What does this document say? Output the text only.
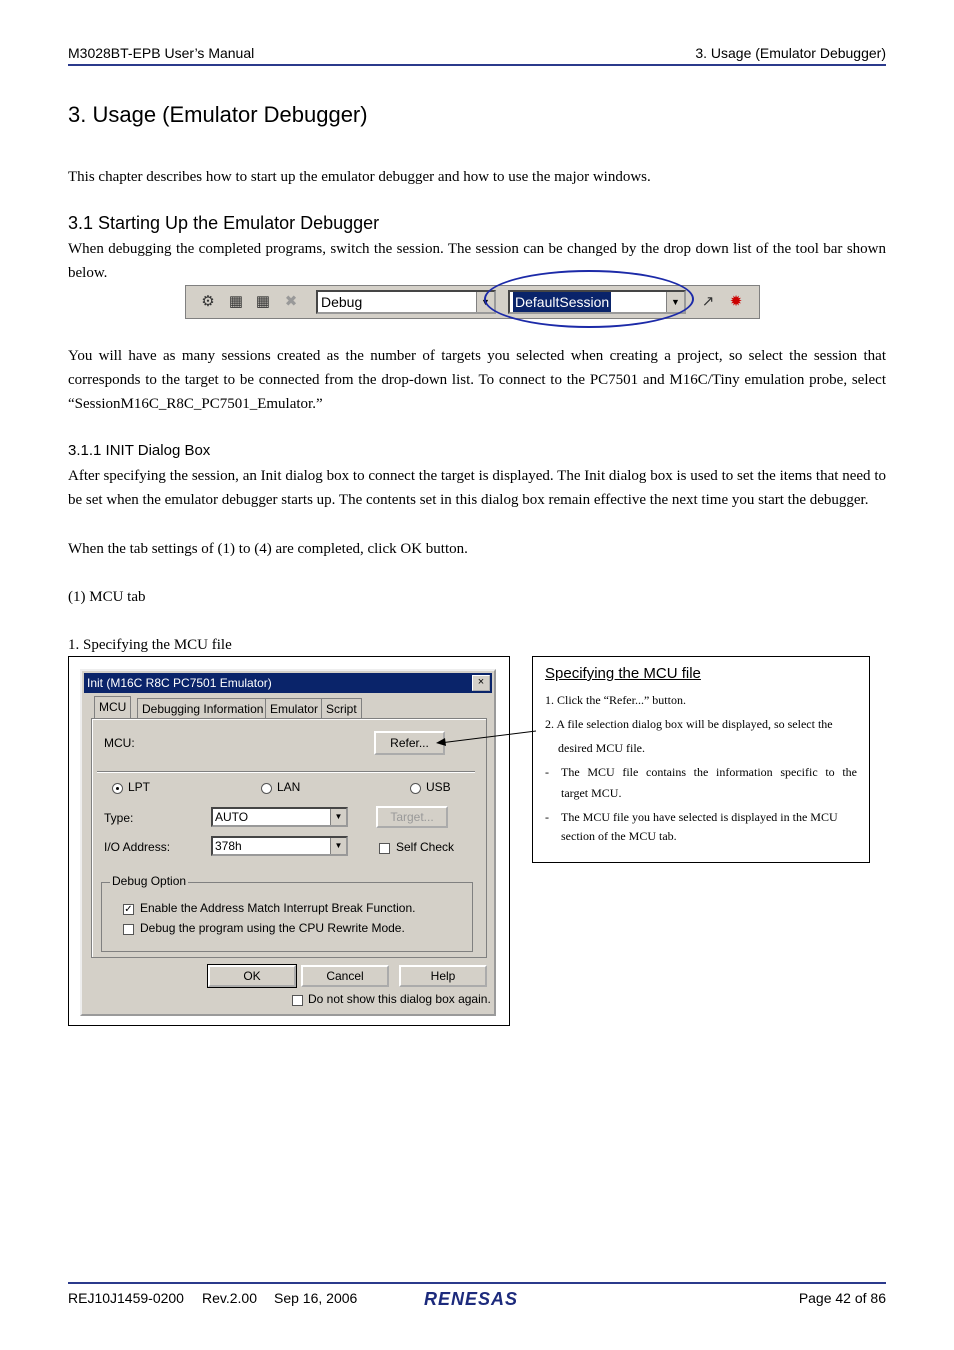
M3028BT-EPB User’s Manual	3. Usage (Emulator Debugger)
3. Usage (Emulator Debugger)
This chapter describes how to start up the emulator debugger and how to use the major windows.
3.1 Starting Up the Emulator Debugger
When debugging the completed programs, switch the session. The session can be changed by the drop down list of the tool bar shown below.
⚙ ▦ ▦ ✖	Debug	▼	DefaultSession	▼ ↗ ✹
You will have as many sessions created as the number of targets you selected when creating a project, so select the session that corresponds to the target to be connected from the drop-down list. To connect to the PC7501 and M16C/Tiny emulation probe, select “SessionM16C_R8C_PC7501_Emulator.”
3.1.1 INIT Dialog Box
After specifying the session, an Init dialog box to connect the target is displayed. The Init dialog box is used to set the items that need to be set when the emulator debugger starts up. The contents set in this dialog box remain effective the next time you start the debugger.
When the tab settings of (1) to (4) are completed, click OK button.
(1) MCU tab
1. Specifying the MCU file
Init (M16C R8C PC7501 Emulator)	×
MCU	Debugging Information Emulator Script
MCU:	Refer...
LPT	LAN	USB
Type:	AUTO	▼	Target...
I/O Address:	378h	▼	Self Check
Debug Option
✓ Enable the Address Match Interrupt Break Function.
Debug the program using the CPU Rewrite Mode.
OK	Cancel	Help
Do not show this dialog box again.
Specifying the MCU file
1. Click the “Refer...” button.
2. A file selection dialog box will be displayed, so select the
desired MCU file.
-	The MCU file contains the information specific to the
target MCU.
-	The MCU file you have selected is displayed in the MCU
section of the MCU tab.
REJ10J1459-0200 Rev.2.00 Sep 16, 2006	RENESAS	Page 42 of 86
